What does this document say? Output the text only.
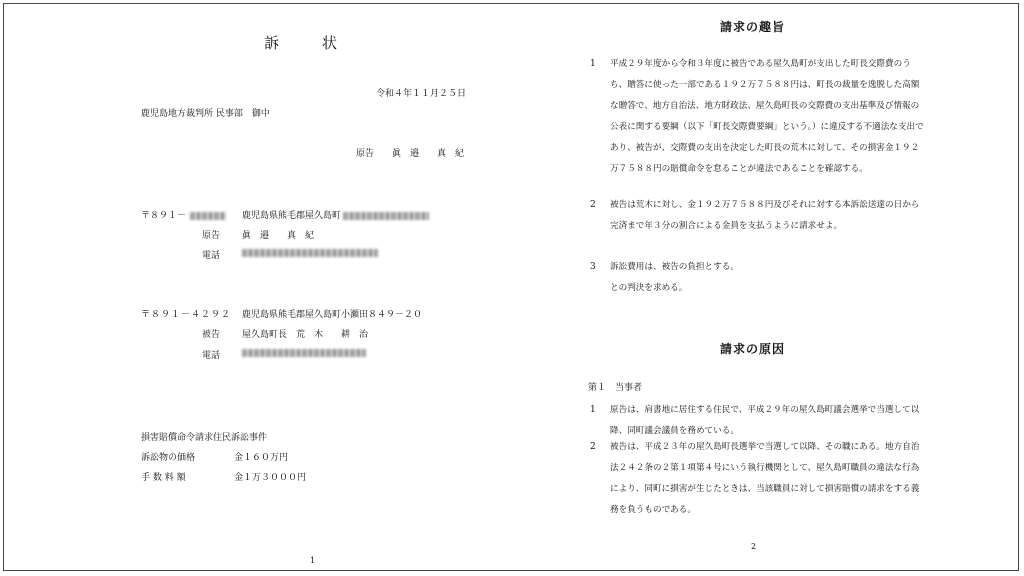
訴　状
令和４年１１月２５日
鹿児島地方裁判所 民事部　御中
原告　　眞　邉　　真　紀
〒８９１－	鹿児島県熊毛郡屋久島町
原告 眞　邉　　真　紀
電話
〒８９１－４２９２ 鹿児島県熊毛郡屋久島町小瀬田８４９－２０
被告 屋久島町長　荒　木　　耕　治
電話
損害賠償命令請求住民訴訟事件
訴訟物の価格	金１６０万円
手 数 料 額	金１万３０００円
1
請求の趣旨
1	平成２９年度から令和３年度に被告である屋久島町が支出した町長交際費のうち、贈答に使った一部である１９２万７５８８円は、町長の裁量を逸脱した高額な贈答で、地方自治法、地方財政法、屋久島町長の交際費の支出基準及び情報の公表に関する要綱（以下「町長交際費要綱」という。）に違反する不適法な支出であり、被告が、交際費の支出を決定した町長の荒木に対して、その損害金１９２万７５８８円の賠償命令を怠ることが違法であることを確認する。
2	被告は荒木に対し、金１９２万７５８８円及びそれに対する本訴訟送達の日から完済まで年３分の割合による金員を支払うように請求せよ。
3	訴訟費用は、被告の負担とする。
との判決を求める。
請求の原因
第１　当事者
1	原告は、肩書地に居住する住民で、平成２９年の屋久島町議会選挙で当選して以降、同町議会議員を務めている。
2	被告は、平成２３年の屋久島町長選挙で当選して以降、その職にある。地方自治法２４２条の２第１項第４号にいう執行機関として、屋久島町職員の違法な行為により、同町に損害が生じたときは、当該職員に対して損害賠償の請求をする義務を負うものである。
2
